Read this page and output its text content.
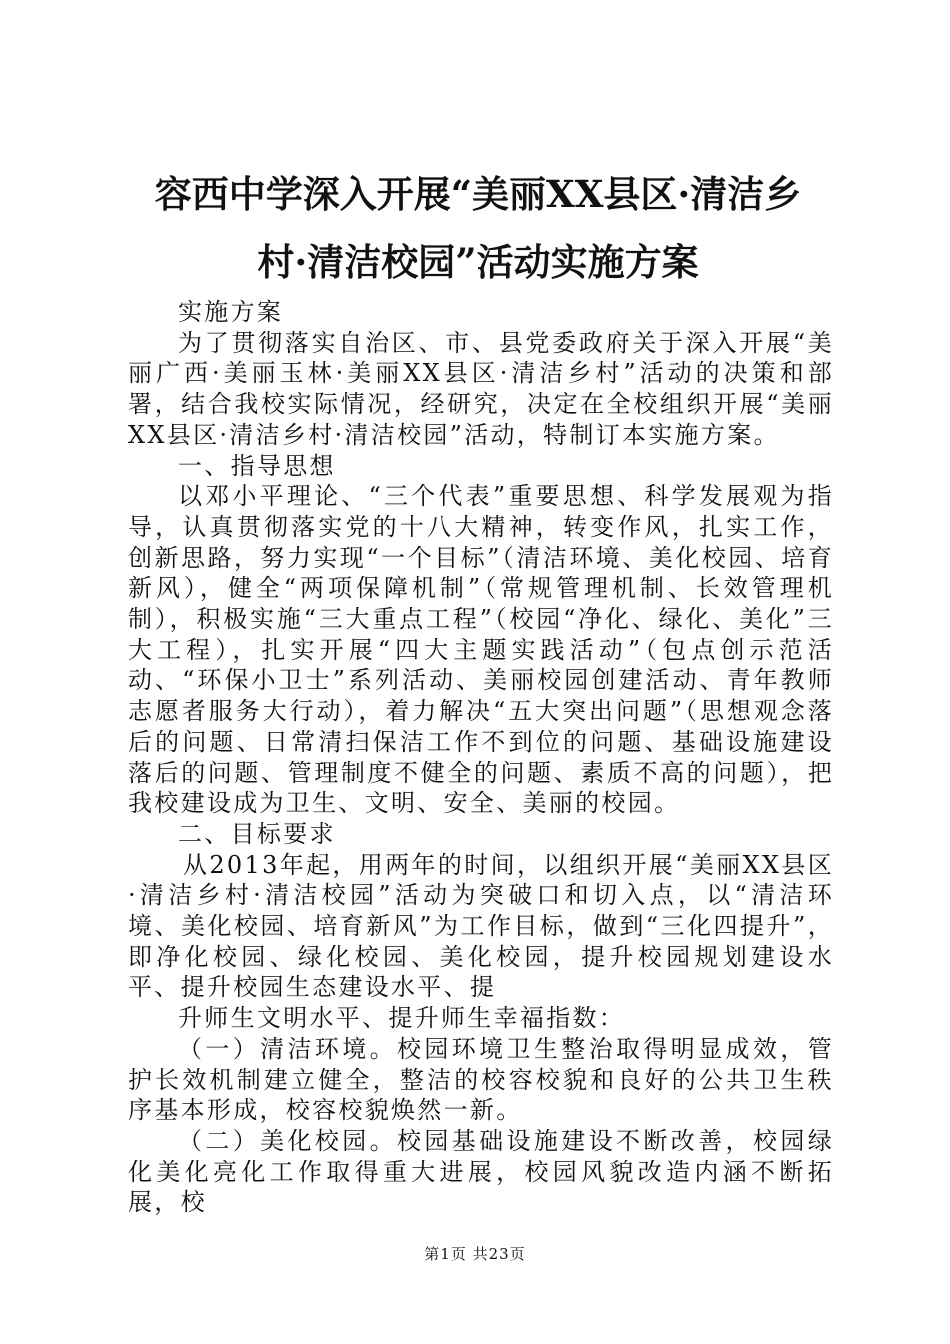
容西中学深入开展“美丽XX县区·清洁乡
村·清洁校园”活动实施方案

实施方案

为了贯彻落实自治区、市、县党委政府关于深入开展“美丽广西·美丽玉林·美丽XX县区·清洁乡村”活动的决策和部署，结合我校实际情况，经研究，决定在全校组织开展“美丽XX县区·清洁乡村·清洁校园”活动，特制订本实施方案。

一、指导思想

以邓小平理论、“三个代表”重要思想、科学发展观为指导，认真贯彻落实党的十八大精神，转变作风，扎实工作，创新思路，努力实现“一个目标”（清洁环境、美化校园、培育新风），健全“两项保障机制”（常规管理机制、长效管理机制），积极实施“三大重点工程”（校园“净化、绿化、美化”三大工程），扎实开展“四大主题实践活动”（包点创示范活动、“环保小卫士”系列活动、美丽校园创建活动、青年教师志愿者服务大行动），着力解决“五大突出问题”（思想观念落后的问题、日常清扫保洁工作不到位的问题、基础设施建设落后的问题、管理制度不健全的问题、素质不高的问题），把我校建设成为卫生、文明、安全、美丽的校园。

二、目标要求

从2013年起，用两年的时间，以组织开展“美丽XX县区·清洁乡村·清洁校园”活动为突破口和切入点，以“清洁环境、美化校园、培育新风”为工作目标，做到“三化四提升”，即净化校园、绿化校园、美化校园，提升校园规划建设水平、提升校园生态建设水平、提

升师生文明水平、提升师生幸福指数：

（一）清洁环境。校园环境卫生整治取得明显成效，管护长效机制建立健全，整洁的校容校貌和良好的公共卫生秩序基本形成，校容校貌焕然一新。

（二）美化校园。校园基础设施建设不断改善，校园绿化美化亮化工作取得重大进展，校园风貌改造内涵不断拓展，校

第1页 共23页
